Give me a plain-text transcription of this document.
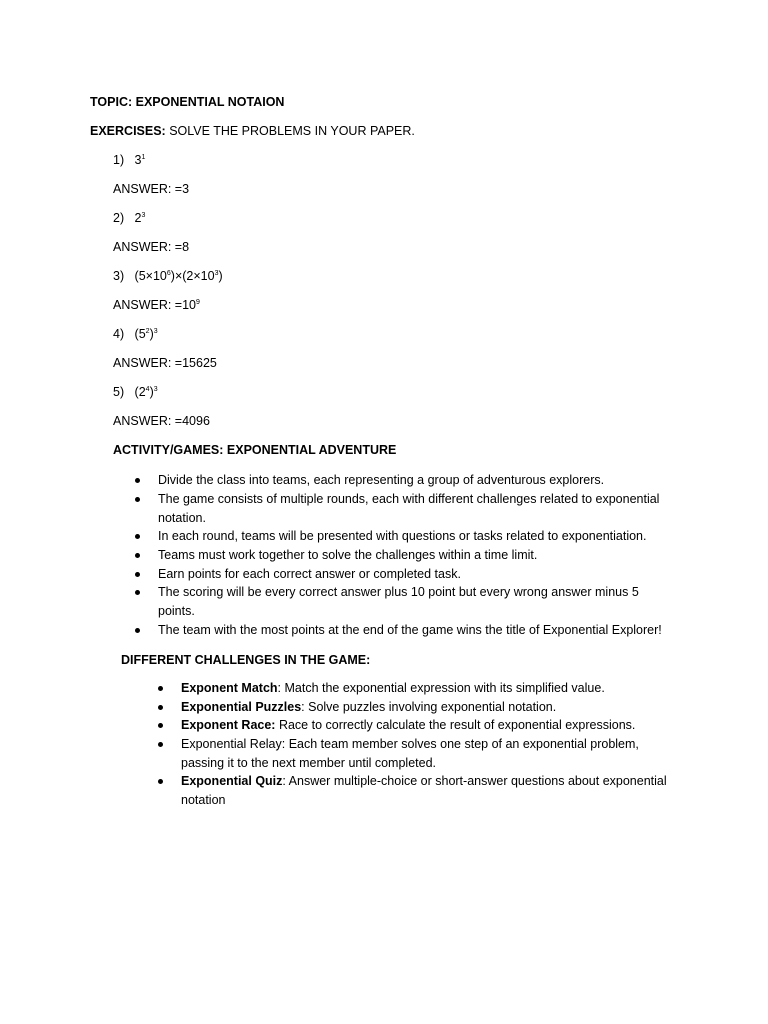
TOPIC: EXPONENTIAL NOTAION
EXERCISES: SOLVE THE PROBLEMS IN YOUR PAPER.
1) $3^1$
ANSWER: =3
2) $2^3$
ANSWER: =8
3) $(5\times 10^6)\times(2\times 10^3)$
ANSWER: $=10^9$
4) $(5^2)^3$
ANSWER: =15625
5) $(2^4)^3$
ANSWER: =4096
ACTIVITY/GAMES: EXPONENTIAL ADVENTURE
Divide the class into teams, each representing a group of adventurous explorers.
The game consists of multiple rounds, each with different challenges related to exponential notation.
In each round, teams will be presented with questions or tasks related to exponentiation.
Teams must work together to solve the challenges within a time limit.
Earn points for each correct answer or completed task.
The scoring will be every correct answer plus 10 point but every wrong answer minus 5 points.
The team with the most points at the end of the game wins the title of Exponential Explorer!
DIFFERENT CHALLENGES IN THE GAME:
Exponent Match: Match the exponential expression with its simplified value.
Exponential Puzzles: Solve puzzles involving exponential notation.
Exponent Race: Race to correctly calculate the result of exponential expressions.
Exponential Relay: Each team member solves one step of an exponential problem, passing it to the next member until completed.
Exponential Quiz: Answer multiple-choice or short-answer questions about exponential notation
